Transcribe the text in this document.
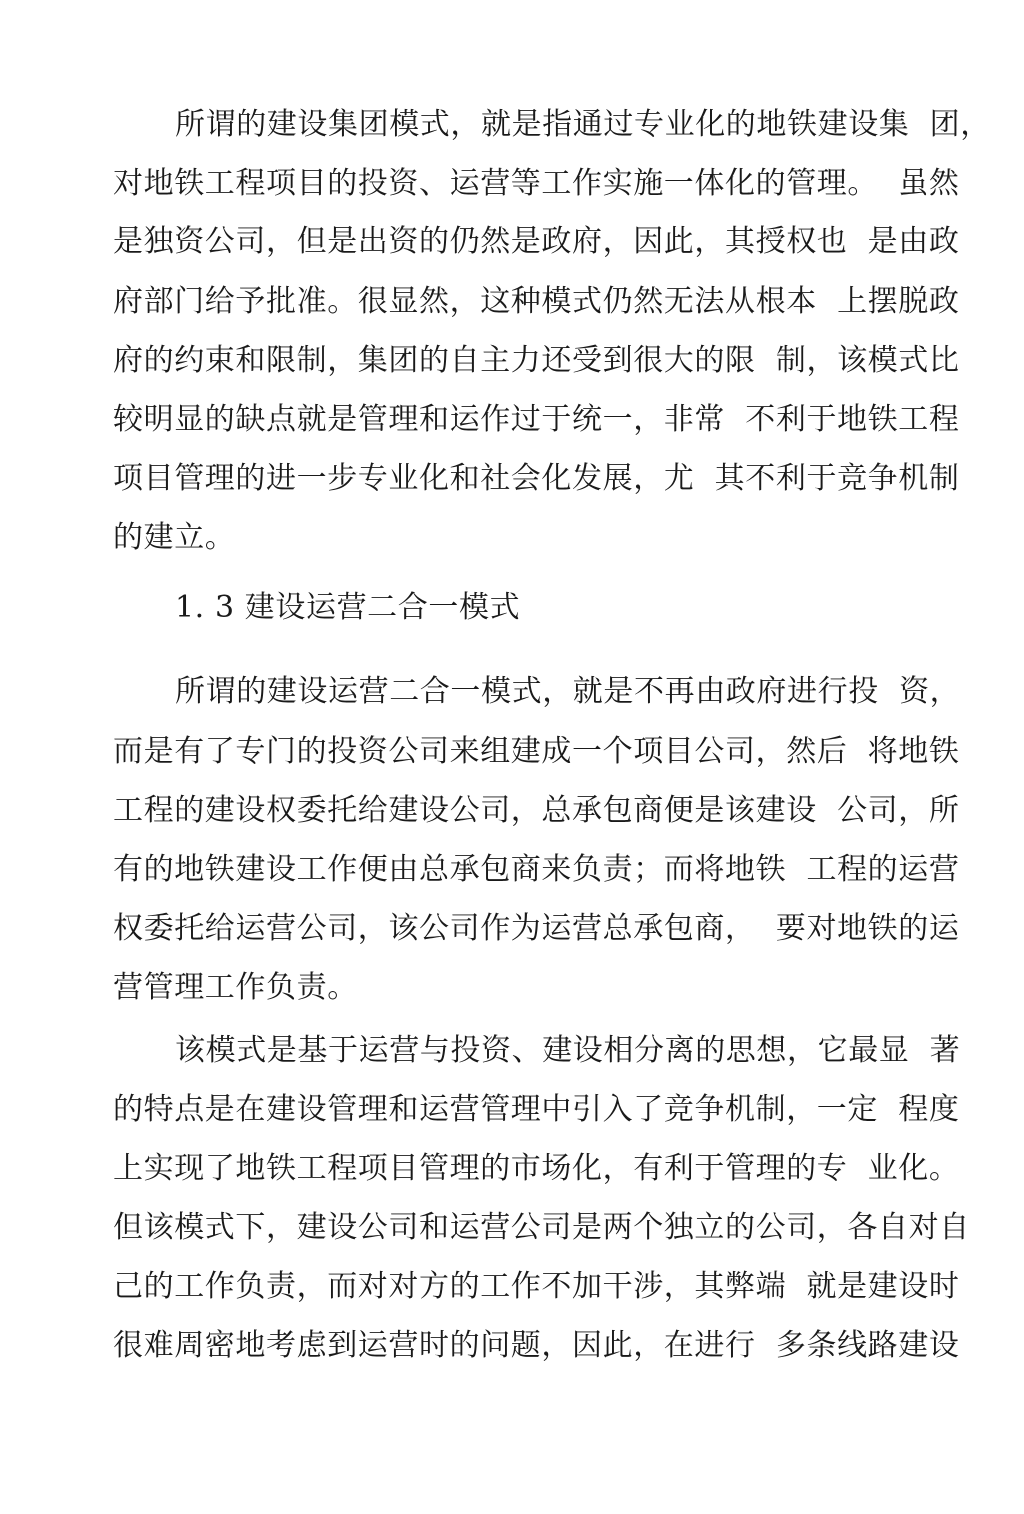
所谓的建设集团模式，就是指通过专业化的地铁建设集  团，
对地铁工程项目的投资、运营等工作实施一体化的管理。  虽然
是独资公司，但是出资的仍然是政府，因此，其授权也  是由政
府部门给予批准。很显然，这种模式仍然无法从根本  上摆脱政
府的约束和限制，集团的自主力还受到很大的限  制，该模式比
较明显的缺点就是管理和运作过于统一，非常  不利于地铁工程
项目管理的进一步专业化和社会化发展，尤  其不利于竞争机制
的建立。
1. 3 建设运营二合一模式
所谓的建设运营二合一模式，就是不再由政府进行投  资，
而是有了专门的投资公司来组建成一个项目公司，然后  将地铁
工程的建设权委托给建设公司，总承包商便是该建设  公司，所
有的地铁建设工作便由总承包商来负责；而将地铁  工程的运营
权委托给运营公司，该公司作为运营总承包商，  要对地铁的运
营管理工作负责。
该模式是基于运营与投资、建设相分离的思想，它最显  著
的特点是在建设管理和运营管理中引入了竞争机制，一定  程度
上实现了地铁工程项目管理的市场化，有利于管理的专  业化。
但该模式下，建设公司和运营公司是两个独立的公司，各自对自
己的工作负责，而对对方的工作不加干涉，其弊端  就是建设时
很难周密地考虑到运营时的问题，因此，在进行  多条线路建设
